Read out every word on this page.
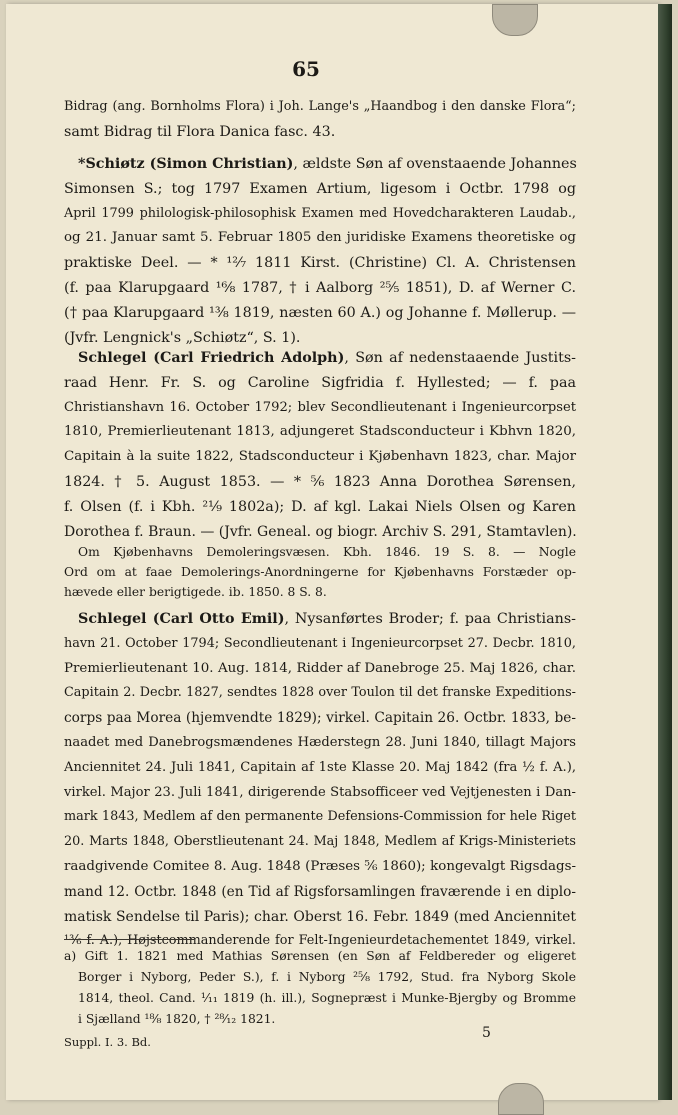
65
Bidrag (ang. Bornholms Flora) i Joh. Lange's „Haandbog i den danske Flora“;
samt Bidrag til Flora Danica fasc. 43.
*Schiøtz (Simon Christian), ældste Søn af ovenstaaende Johannes
Simonsen S.; tog 1797 Examen Artium, ligesom i Octbr. 1798 og
April 1799 philologisk-philosophisk Examen med Hovedcharakteren Laudab.,
og 21. Januar samt 5. Februar 1805 den juridiske Examens theoretiske og
praktiske Deel. — * ¹²⁄₇ 1811 Kirst. (Christine) Cl. A. Christensen
(f. paa Klarupgaard ¹⁶⁄₈ 1787, † i Aalborg ²⁵⁄₅ 1851), D. af Werner C.
(† paa Klarupgaard ¹³⁄₈ 1819, næsten 60 A.) og Johanne f. Møllerup. —
(Jvfr. Lengnick's „Schiøtz“, S. 1).
Schlegel (Carl Friedrich Adolph), Søn af nedenstaaende Justits-
raad Henr. Fr. S. og Caroline Sigfridia f. Hyllested; — f. paa
Christianshavn 16. October 1792; blev Secondlieutenant i Ingenieurcorpset
1810, Premierlieutenant 1813, adjungeret Stadsconducteur i Kbhvn 1820,
Capitain à la suite 1822, Stadsconducteur i Kjøbenhavn 1823, char. Major
1824. † 5. August 1853. — * ⁵⁄₆ 1823 Anna Dorothea Sørensen,
f. Olsen (f. i Kbh. ²¹⁄₉ 1802a); D. af kgl. Lakai Niels Olsen og Karen
Dorothea f. Braun. — (Jvfr. Geneal. og biogr. Archiv S. 291, Stamtavlen).
Om Kjøbenhavns Demoleringsvæsen. Kbh. 1846. 19 S. 8. — Nogle
Ord om at faae Demolerings-Anordningerne for Kjøbenhavns Forstæder op-
hævede eller berigtigede. ib. 1850. 8 S. 8.
Schlegel (Carl Otto Emil), Nysanførtes Broder; f. paa Christians-
havn 21. October 1794; Secondlieutenant i Ingenieurcorpset 27. Decbr. 1810,
Premierlieutenant 10. Aug. 1814, Ridder af Danebroge 25. Maj 1826, char.
Capitain 2. Decbr. 1827, sendtes 1828 over Toulon til det franske Expeditions-
corps paa Morea (hjemvendte 1829); virkel. Capitain 26. Octbr. 1833, be-
naadet med Danebrogsmændenes Hæderstegn 28. Juni 1840, tillagt Majors
Anciennitet 24. Juli 1841, Capitain af 1ste Klasse 20. Maj 1842 (fra ½ f. A.),
virkel. Major 23. Juli 1841, dirigerende Stabsofficeer ved Vejtjenesten i Dan-
mark 1843, Medlem af den permanente Defensions-Commission for hele Riget
20. Marts 1848, Oberstlieutenant 24. Maj 1848, Medlem af Krigs-Ministeriets
raadgivende Comitee 8. Aug. 1848 (Præses ⁵⁄₆ 1860); kongevalgt Rigsdags-
mand 12. Octbr. 1848 (en Tid af Rigsforsamlingen fraværende i en diplo-
matisk Sendelse til Paris); char. Oberst 16. Febr. 1849 (med Anciennitet
¹³⁄₆ f. A.), Højstcommanderende for Felt-Ingenieurdetachementet 1849, virkel.
a) Gift 1. 1821 med Mathias Sørensen (en Søn af Feldbereder og eligeret
Borger i Nyborg, Peder S.), f. i Nyborg ²⁵⁄₈ 1792, Stud. fra Nyborg Skole
1814, theol. Cand. ¹⁄₁₁ 1819 (h. ill.), Sognepræst i Munke-Bjergby og Bromme
i Sjælland ¹⁸⁄₈ 1820, † ²⁸⁄₁₂ 1821.
Suppl. I. 3. Bd.
5
